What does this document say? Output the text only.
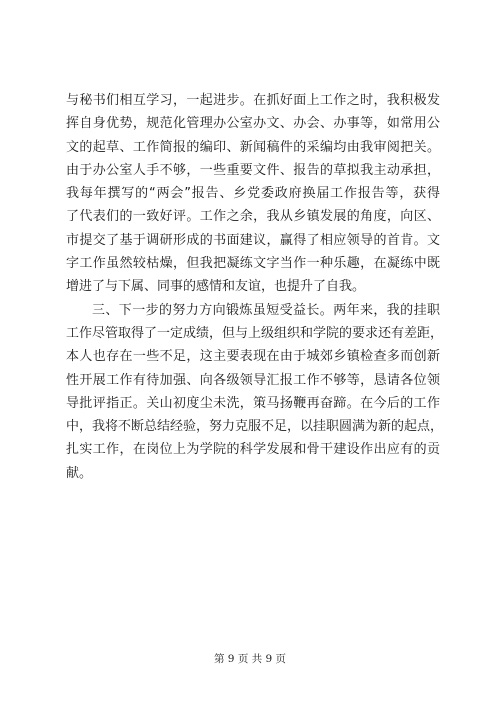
与秘书们相互学习，一起进步。在抓好面上工作之时，我积极发
挥自身优势，规范化管理办公室办文、办会、办事等，如常用公
文的起草、工作简报的编印、新闻稿件的采编均由我审阅把关。
由于办公室人手不够，一些重要文件、报告的草拟我主动承担，
我每年撰写的“两会”报告、乡党委政府换届工作报告等，获得
了代表们的一致好评。工作之余，我从乡镇发展的角度，向区、
市提交了基于调研形成的书面建议，赢得了相应领导的首肯。文
字工作虽然较枯燥，但我把凝练文字当作一种乐趣，在凝练中既
增进了与下属、同事的感情和友谊，也提升了自我。
三、下一步的努力方向锻炼虽短受益长。两年来，我的挂职
工作尽管取得了一定成绩，但与上级组织和学院的要求还有差距，
本人也存在一些不足，这主要表现在由于城郊乡镇检查多而创新
性开展工作有待加强、向各级领导汇报工作不够等，恳请各位领
导批评指正。关山初度尘未洗，策马扬鞭再奋蹄。在今后的工作
中，我将不断总结经验，努力克服不足，以挂职圆满为新的起点，
扎实工作，在岗位上为学院的科学发展和骨干建设作出应有的贡
献。
第 9 页 共 9 页
